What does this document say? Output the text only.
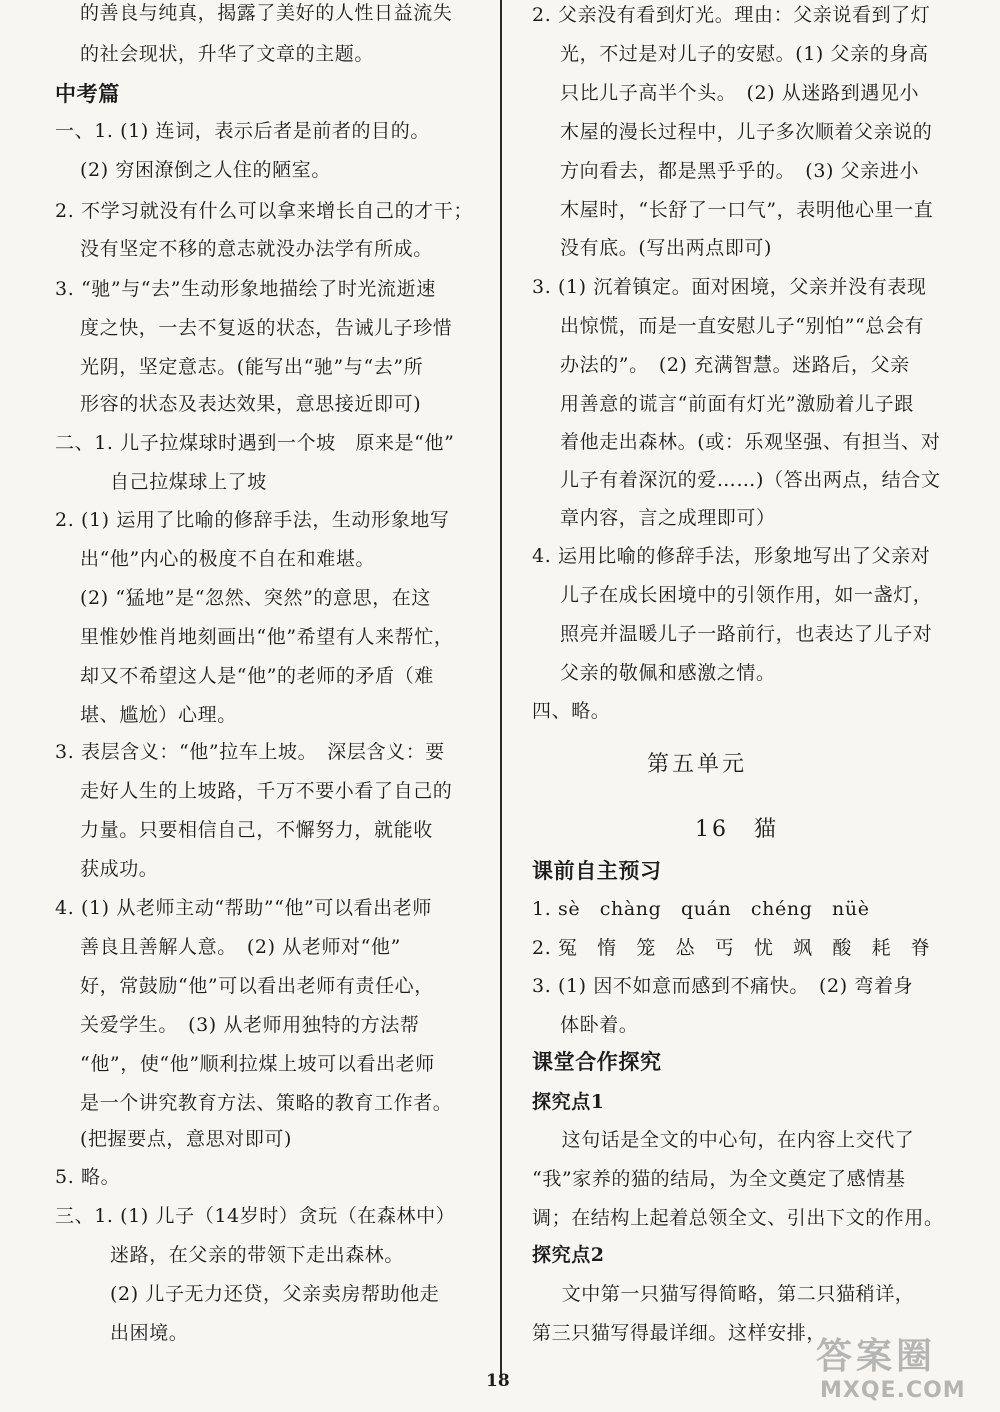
的善良与纯真，揭露了美好的人性日益流失
的社会现状，升华了文章的主题。
中考篇
一、1. (1) 连词，表示后者是前者的目的。
(2) 穷困潦倒之人住的陋室。
2. 不学习就没有什么可以拿来增长自己的才干；
没有坚定不移的意志就没办法学有所成。
3. “驰”与“去”生动形象地描绘了时光流逝速
度之快，一去不复返的状态，告诫儿子珍惜
光阴，坚定意志。(能写出“驰”与“去”所
形容的状态及表达效果，意思接近即可)
二、1. 儿子拉煤球时遇到一个坡　原来是“他”
自己拉煤球上了坡
2. (1) 运用了比喻的修辞手法，生动形象地写
出“他”内心的极度不自在和难堪。
(2) “猛地”是“忽然、突然”的意思，在这
里惟妙惟肖地刻画出“他”希望有人来帮忙，
却又不希望这人是“他”的老师的矛盾（难
堪、尴尬）心理。
3. 表层含义：“他”拉车上坡。　深层含义：要
走好人生的上坡路，千万不要小看了自己的
力量。只要相信自己，不懈努力，就能收
获成功。
4. (1) 从老师主动“帮助”“他”可以看出老师
善良且善解人意。　(2) 从老师对“他”
好，常鼓励“他”可以看出老师有责任心，
关爱学生。　(3) 从老师用独特的方法帮
“他”，使“他”顺利拉煤上坡可以看出老师
是一个讲究教育方法、策略的教育工作者。
(把握要点，意思对即可)
5. 略。
三、1. (1) 儿子（14岁时）贪玩（在森林中）
迷路，在父亲的带领下走出森林。
(2) 儿子无力还贷，父亲卖房帮助他走
出困境。
2. 父亲没有看到灯光。理由：父亲说看到了灯
光，不过是对儿子的安慰。(1) 父亲的身高
只比儿子高半个头。　(2) 从迷路到遇见小
木屋的漫长过程中，儿子多次顺着父亲说的
方向看去，都是黑乎乎的。　(3) 父亲进小
木屋时，“长舒了一口气”，表明他心里一直
没有底。(写出两点即可)
3. (1) 沉着镇定。面对困境，父亲并没有表现
出惊慌，而是一直安慰儿子“别怕”“总会有
办法的”。　(2) 充满智慧。迷路后，父亲
用善意的谎言“前面有灯光”激励着儿子跟
着他走出森林。(或：乐观坚强、有担当、对
儿子有着深沉的爱……)（答出两点，结合文
章内容，言之成理即可）
4. 运用比喻的修辞手法，形象地写出了父亲对
儿子在成长困境中的引领作用，如一盏灯，
照亮并温暖儿子一路前行，也表达了儿子对
父亲的敬佩和感激之情。
四、略。
第五单元
16　猫
课前自主预习
1. sè　chàng　quán　chéng　nüè
2. 冤　惰　笼　怂　丐　忧　飒　酸　耗　脊
3. (1) 因不如意而感到不痛快。　(2) 弯着身
体卧着。
课堂合作探究
探究点1
　这句话是全文的中心句，在内容上交代了
“我”家养的猫的结局，为全文奠定了感情基
调；在结构上起着总领全文、引出下文的作用。
探究点2
　文中第一只猫写得简略，第二只猫稍详，
第三只猫写得最详细。这样安排，
18
答案圈
MXQE.COM
